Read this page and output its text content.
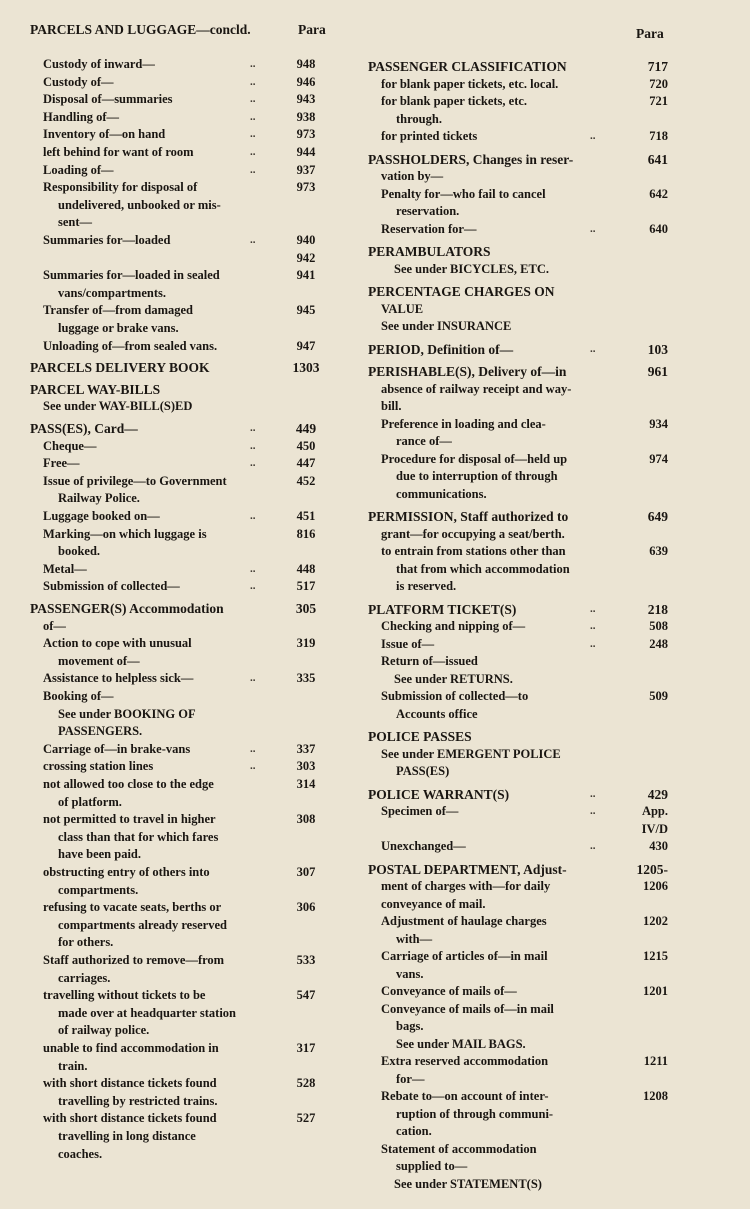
PARCELS AND LUGGAGE—concld.	Para	Para
Custody of inward—	..	948
Custody of—	..	946
Disposal of—summaries	..	943
Handling of—	..	938
Inventory of—on hand	..	973
left behind for want of room	..	944
Loading of—	..	937
Responsibility for disposal of	973
undelivered, unbooked or mis-
sent—
Summaries for—loaded	..	940

942
Summaries for—loaded in sealed	941
vans/compartments.
Transfer of—from damaged	945
luggage or brake vans.
Unloading of—from sealed vans.	947
PARCELS DELIVERY BOOK	1303
PARCEL WAY-BILLS
See under WAY-BILL(S)ED
PASS(ES), Card—	..	449
Cheque—	..	450
Free—	..	447
Issue of privilege—to Government	452
Railway Police.
Luggage booked on—	..	451
Marking—on which luggage is	816
booked.
Metal—	..	448
Submission of collected—	..	517
PASSENGER(S) Accommodation	305
of—
Action to cope with unusual	319
movement of—
Assistance to helpless sick—	..	335
Booking of—
See under BOOKING OF
PASSENGERS.
Carriage of—in brake-vans	..	337
crossing station lines	..	303
not allowed too close to the edge	314
of platform.
not permitted to travel in higher	308
class than that for which fares
have been paid.
obstructing entry of others into	307
compartments.
refusing to vacate seats, berths or	306
compartments already reserved
for others.
Staff authorized to remove—from	533
carriages.
travelling without tickets to be	547
made over at headquarter station
of railway police.
unable to find accommodation in	317
train.
with short distance tickets found	528
travelling by restricted trains.
with short distance tickets found	527
travelling in long distance
coaches.
PASSENGER CLASSIFICATION	717
for blank paper tickets, etc. local.	720
for blank paper tickets, etc.	721
through.
for printed tickets	..	718
PASSHOLDERS, Changes in reser-	641
vation by—
Penalty for—who fail to cancel	642
reservation.
Reservation for—	..	640
PERAMBULATORS
See under BICYCLES, ETC.
PERCENTAGE CHARGES ON
VALUE
See under INSURANCE
PERIOD, Definition of—	..	103
PERISHABLE(S), Delivery of—in	961
absence of railway receipt and way-
bill.
Preference in loading and clea-	934
rance of—
Procedure for disposal of—held up	974
due to interruption of through
communications.
PERMISSION, Staff authorized to	649
grant—for occupying a seat/berth.
to entrain from stations other than	639
that from which accommodation
is reserved.
PLATFORM TICKET(S)	..	218
Checking and nipping of—	..	508
Issue of—	..	248
Return of—issued
See under RETURNS.
Submission of collected—to	509
Accounts office
POLICE PASSES
See under EMERGENT POLICE
PASS(ES)
POLICE WARRANT(S)	..	429
Specimen of—	..	App.

IV/D
Unexchanged—	..	430
POSTAL DEPARTMENT, Adjust-	1205-
ment of charges with—for daily	1206
conveyance of mail.
Adjustment of haulage charges	1202
with—
Carriage of articles of—in mail	1215
vans.
Conveyance of mails of—	1201
Conveyance of mails of—in mail
bags.
See under MAIL BAGS.
Extra reserved accommodation	1211
for—
Rebate to—on account of inter-	1208
ruption of through communi-
cation.
Statement of accommodation
supplied to—
See under STATEMENT(S)
